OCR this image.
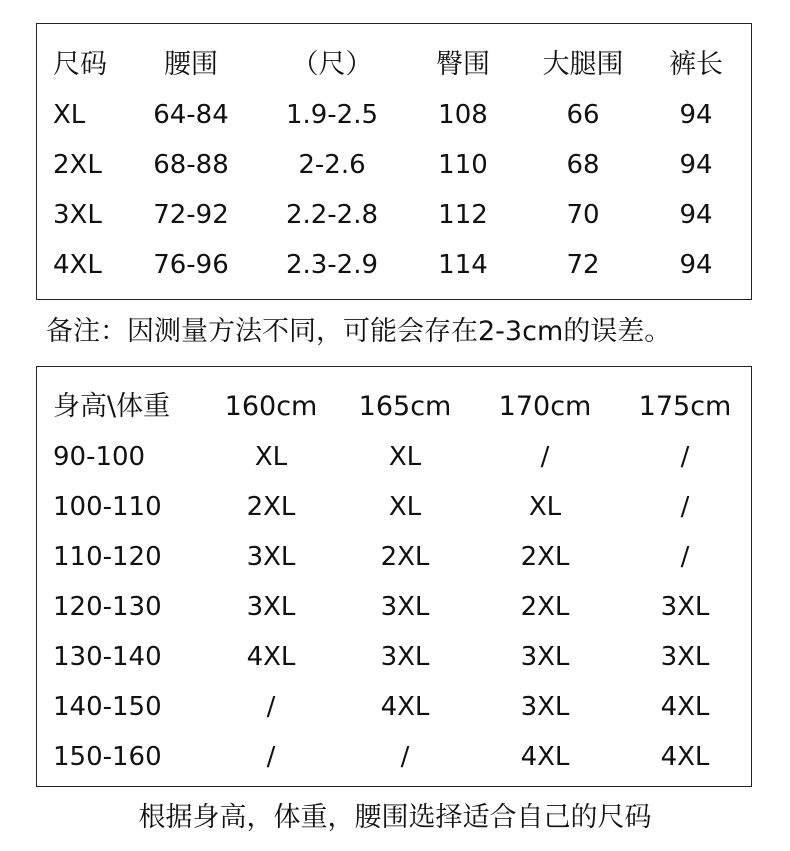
尺码 腰围	（尺） 臀围 大腿围 裤长
XL	64-84 1.9-2.5 108	66	94
2XL 68-88	2-2.6	110	68	94
3XL 72-92 2.2-2.8 112	70	94
4XL 76-96 2.3-2.9 114	72	94
备注：因测量方法不同，可能会存在2-3cm的误差。
身高\体重 160cm 165cm 170cm 175cm
90-100	XL	XL	/	/
100-110	2XL	XL	XL	/
110-120	3XL	2XL	2XL	/
120-130	3XL	3XL	2XL	3XL
130-140	4XL	3XL	3XL	3XL
140-150	/	4XL	3XL	4XL
150-160	/	/	4XL	4XL
根据身高，体重，腰围选择适合自己的尺码
